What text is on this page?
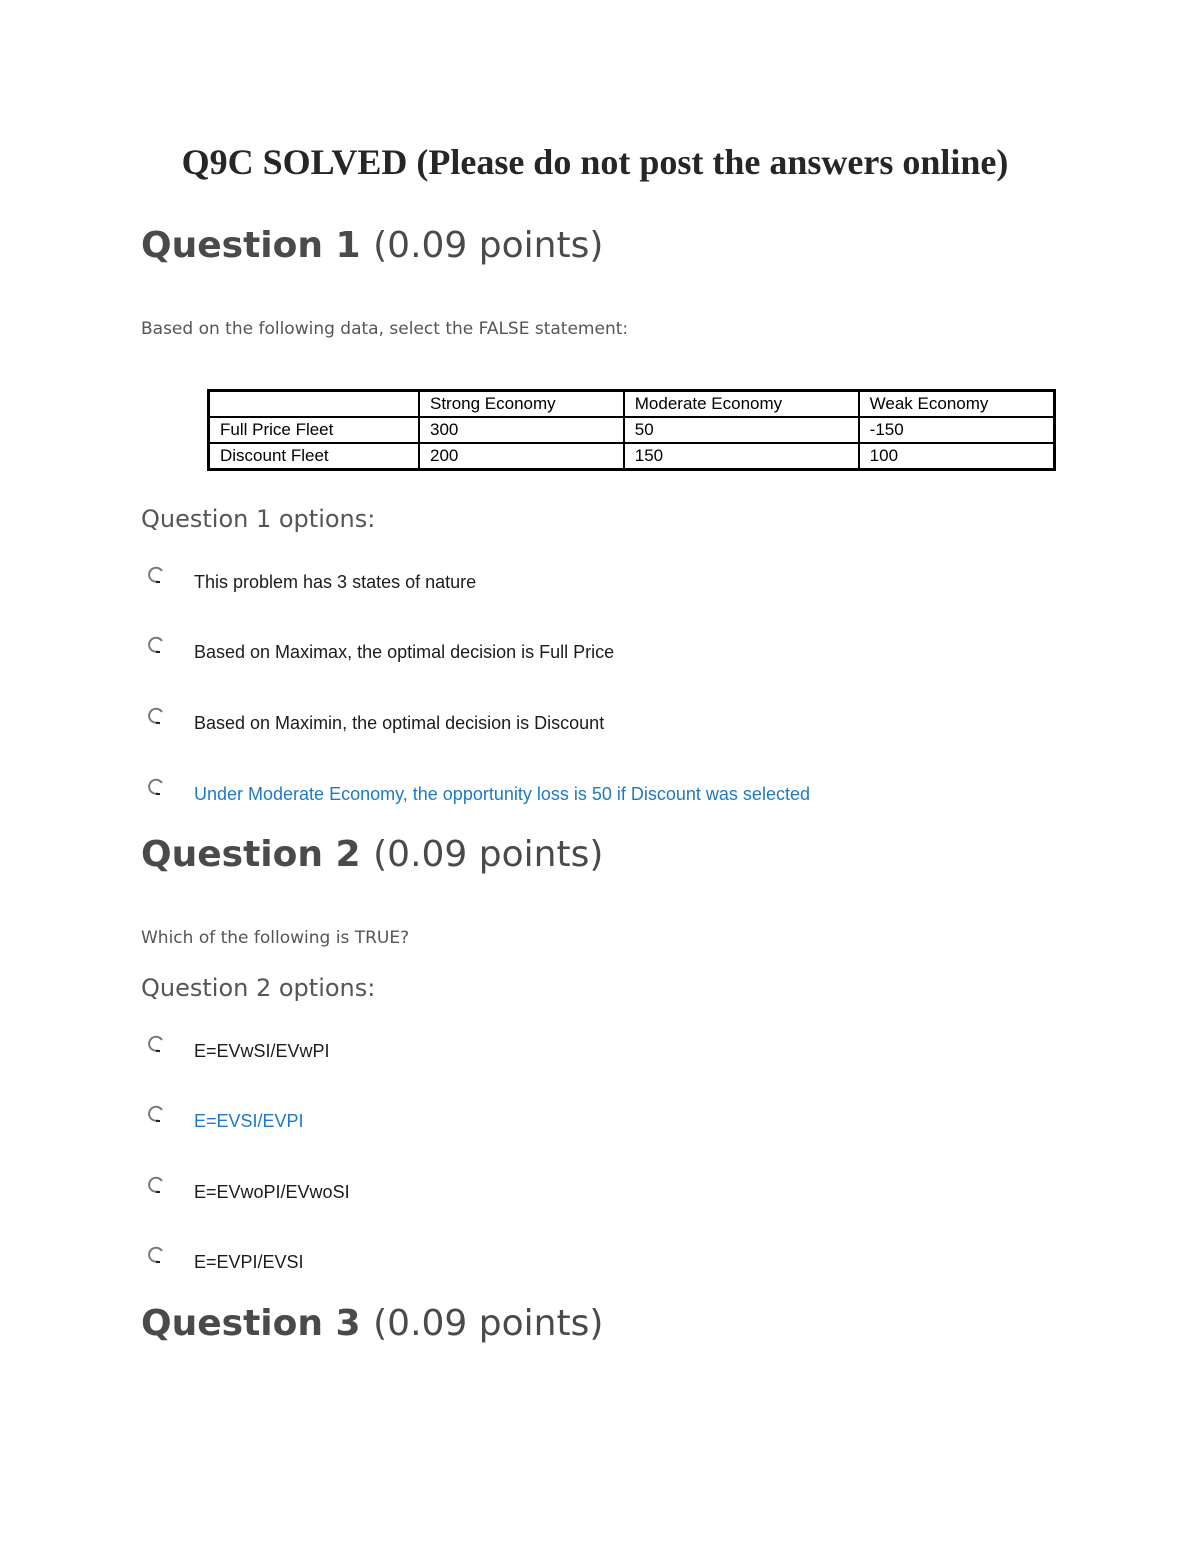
Q9C SOLVED (Please do not post the answers online)
Question 1 (0.09 points)

Based on the following data, select the FALSE statement:

	Strong Economy	Moderate Economy	Weak Economy
Full Price Fleet	300	50	-150
Discount Fleet	200	150	100
Question 1 options:
This problem has 3 states of nature
Based on Maximax, the optimal decision is Full Price
Based on Maximin, the optimal decision is Discount
Under Moderate Economy, the opportunity loss is 50 if Discount was selected
Question 2 (0.09 points)

Which of the following is TRUE?

Question 2 options:
E=EVwSI/EVwPI
E=EVSI/EVPI
E=EVwoPI/EVwoSI
E=EVPI/EVSI
Question 3 (0.09 points)
